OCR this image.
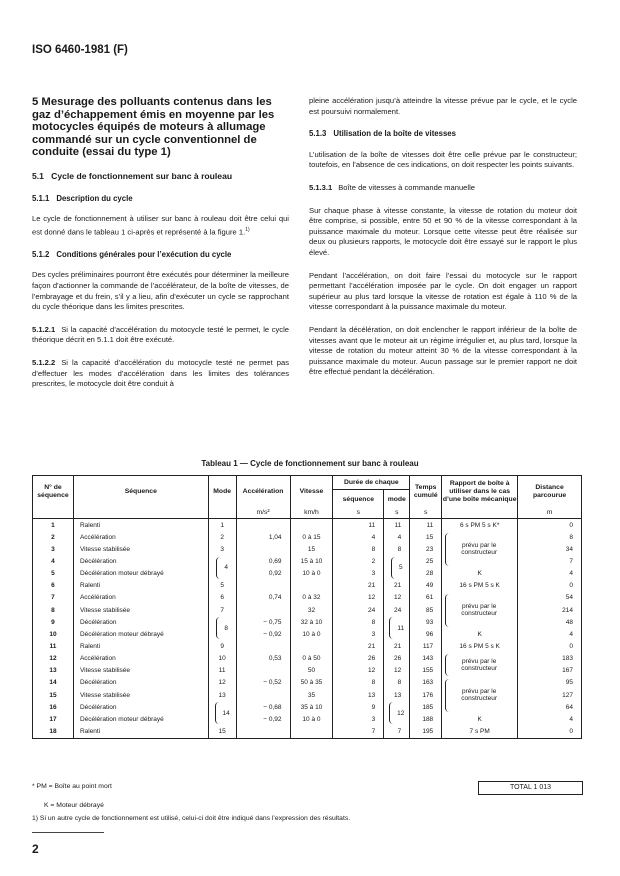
ISO 6460-1981 (F)
5 Mesurage des polluants contenus dans les gaz d’échappement émis en moyenne par les motocycles équipés de moteurs à allumage commandé sur un cycle conventionnel de conduite (essai du type 1)
5.1 Cycle de fonctionnement sur banc à rouleau
5.1.1 Description du cycle

Le cycle de fonctionnement à utiliser sur banc à rouleau doit être celui qui est donné dans le tableau 1 ci-après et représenté à la figure 1.$^{1)}$

5.1.2 Conditions générales pour l’exécution du cycle

Des cycles préliminaires pourront être exécutés pour déterminer la meilleure façon d’actionner la commande de l’accélérateur, de la boîte de vitesses, de l’embrayage et du frein, s’il y a lieu, afin d’exécuter un cycle se rapprochant du cycle théorique dans les limites prescrites.

5.1.2.1 Si la capacité d’accélération du motocycle testé le permet, le cycle théorique décrit en 5.1.1 doit être exécuté.

5.1.2.2 Si la capacité d’accélération du motocycle testé ne permet pas d’effectuer les modes d’accélération dans les limites des tolérances prescrites, le motocycle doit être conduit à

pleine accélération jusqu’à atteindre la vitesse prévue par le cycle, et le cycle est poursuivi normalement.

5.1.3 Utilisation de la boîte de vitesses

L’utilisation de la boîte de vitesses doit être celle prévue par le constructeur; toutefois, en l’absence de ces indications, on doit respecter les points suivants.

5.1.3.1 Boîte de vitesses à commande manuelle

Sur chaque phase à vitesse constante, la vitesse de rotation du moteur doit être comprise, si possible, entre 50 et 90 % de la vitesse correspondant à la puissance maximale du moteur. Lorsque cette vitesse peut être réalisée sur deux ou plusieurs rapports, le motocycle doit être essayé sur le rapport le plus élevé.

Pendant l’accélération, on doit faire l’essai du motocycle sur le rapport permettant l’accélération imposée par le cycle. On doit engager un rapport supérieur au plus tard lorsque la vitesse de rotation est égale à 110 % de la vitesse correspondant à la puissance maximale du moteur.

Pendant la décélération, on doit enclencher le rapport inférieur de la boîte de vitesses avant que le moteur ait un régime irrégulier et, au plus tard, lorsque la vitesse de rotation du moteur atteint 30 % de la vitesse correspondant à la puissance maximale du moteur. Aucun passage sur le premier rapport ne doit être effectué pendant la décélération.

Tableau 1 — Cycle de fonctionnement sur banc à rouleau
N° de séquence	Séquence	Mode	Accélération	Vitesse	Durée de chaque		Temps cumulé	Rapport de boîte à utiliser dans le cas d’une boîte mécanique	Distance parcourue
					séquence	mode			
			m/s²	km/h	s	s	s		m
1	Ralenti	1			11	11	11	6 s PM 5 s K*	0
2	Accélération	2	1,04	0 à 15	4	4	15	prévu par le constructeur	8
3	Vitesse stabilisée	3		15	8	8	23		34
4	Décélération	4	0,69	15 à 10	2	5	25		7
5	Décélération moteur débrayé		0,92	10 à 0	3		28	K	4
6	Ralenti	5			21	21	49	16 s PM 5 s K	0
7	Accélération	6	0,74	0 à 32	12	12	61	prévu par le constructeur	54
8	Vitesse stabilisée	7		32	24	24	85		214
9	Décélération	8	− 0,75	32 à 10	8	11	93		48
10	Décélération moteur débrayé		− 0,92	10 à 0	3		96	K	4
11	Ralenti	9			21	21	117	16 s PM 5 s K	0
12	Accélération	10	0,53	0 à 50	26	26	143	prévu par le constructeur	183
13	Vitesse stabilisée	11		50	12	12	155		167
14	Décélération	12	− 0,52	50 à 35	8	8	163	prévu par le constructeur	95
15	Vitesse stabilisée	13		35	13	13	176		127
16	Décélération	14	− 0,68	35 à 10	9	12	185		64
17	Décélération moteur débrayé		− 0,92	10 à 0	3		188	K	4
18	Ralenti	15			7	7	195	7 s PM	0
TOTAL 1 013
* PM = Boîte au point mort
K = Moteur débrayé
1) Si un autre cycle de fonctionnement est utilisé, celui-ci doit être indiqué dans l’expression des résultats.
2
